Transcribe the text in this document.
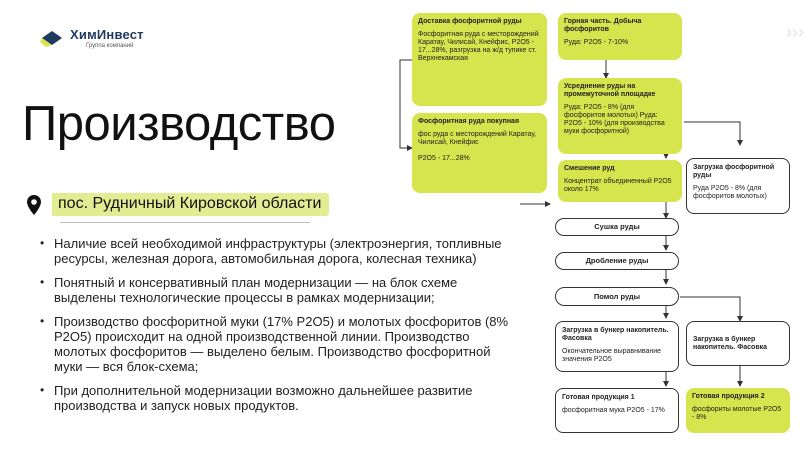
ХимИнвест
Группа компаний
Производство
пос. Рудничный Кировской области
• Наличие всей необходимой инфраструктуры (электроэнергия, топливные ресурсы, железная дорога, автомобильная дорога, колесная техника)
• Понятный и консервативный план модернизации — на блок схеме выделены технологические процессы в рамках модернизации;
• Производство фосфоритной муки (17% P2O5) и молотых фосфоритов (8% P2O5) происходит на одной производственной линии. Производство молотых фосфоритов — выделено белым. Производство фосфоритной муки — вся блок-схема;
• При дополнительной модернизации возможно дальнейшее развитие производства и запуск новых продуктов.
›››
Доставка фосфоритной руды
Фосфоритная руда с месторождений Каратау, Чилисай, Кнейфис, Р2О5 - 17...28%, разгрузка на ж/д тупике ст. Верхнекамская
Фосфоритная руда покупная
фос руда с месторождений Каратау, Чилисай, Кнейфис
Р2О5 - 17...28%
Горная часть. Добыча фосфоритов
Руда: Р2О5 - 7-10%
Усреднение руды на промежуточной площадке
Руда: Р2О5 - 8% (для фосфоритов молотых) Руда: Р2О5 - 10% (для производства муки фосфоритной)
Смешение руд
Концентрат объединенный Р2О5 около 17%
Загрузка фосфоритной руды
Руда Р2О5 - 8% (для фосфоритов молотых)
Сушка руды
Дробление руды
Помол руды
Загрузка в бункер накопитель. Фасовка
Окончательное выравнивание значения Р2О5
Загрузка в бункер накопитель. Фасовка
Готовая продукция 1
фосфоритная мука Р2О5 - 17%
Готовая продукция 2
фосфориты молотые Р2О5 - 8%
